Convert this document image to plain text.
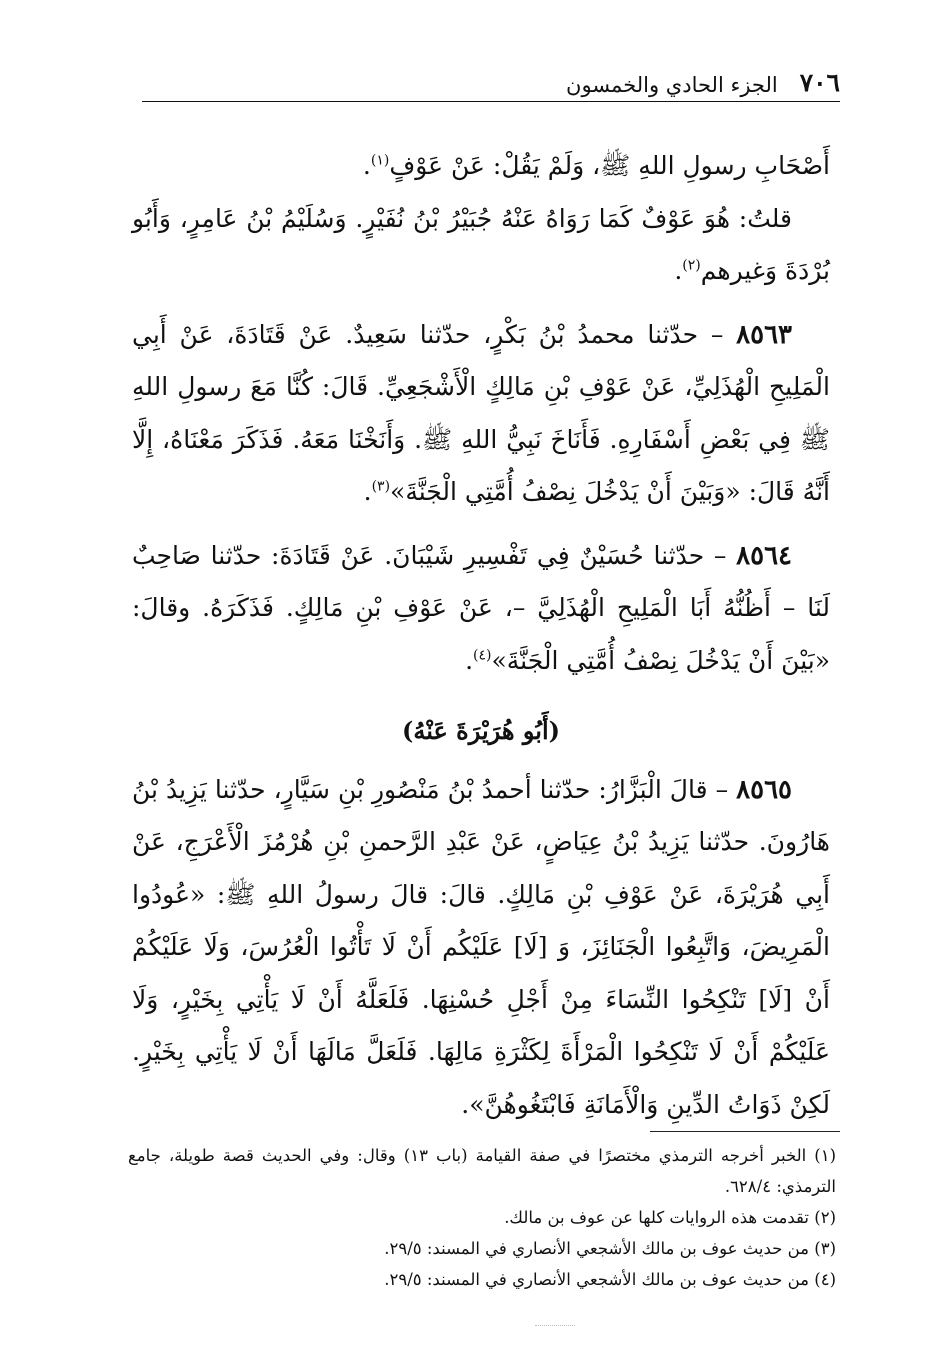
٧٠٦
الجزء الحادي والخمسون

أَصْحَابِ رسولِ اللهِ ﷺ، وَلَمْ يَقُلْ: عَنْ عَوْفٍ$^{(١)}$.

قلتُ: هُوَ عَوْفٌ كَمَا رَوَاهُ عَنْهُ جُبَيْرُ بْنُ نُفَيْرٍ. وَسُلَيْمُ بْنُ عَامِرٍ، وَأَبُو بُرْدَةَ وَغيرهم$^{(٢)}$.

٨٥٦٣ – حدّثنا محمدُ بْنُ بَكْرٍ، حدّثنا سَعِيدٌ. عَنْ قَتَادَةَ، عَنْ أَبِي الْمَلِيحِ الْهُذَلِيِّ، عَنْ عَوْفِ بْنِ مَالِكٍ الْأَشْجَعِيِّ. قَالَ: كُنَّا مَعَ رسولِ اللهِ ﷺ فِي بَعْضِ أَسْفَارِهِ. فَأَنَاخَ نَبِيُّ اللهِ ﷺ. وَأَنَخْنَا مَعَهُ. فَذَكَرَ مَعْنَاهُ، إِلَّا أَنَّهُ قَالَ: «وَبَيْنَ أَنْ يَدْخُلَ نِصْفُ أُمَّتِي الْجَنَّةَ»$^{(٣)}$.

٨٥٦٤ – حدّثنا حُسَيْنٌ فِي تَفْسِيرِ شَيْبَانَ. عَنْ قَتَادَةَ: حدّثنا صَاحِبٌ لَنَا – أَظُنُّهُ أَبَا الْمَلِيحِ الْهُذَلِيَّ –، عَنْ عَوْفِ بْنِ مَالِكٍ. فَذَكَرَهُ. وقالَ: «بَيْنَ أَنْ يَدْخُلَ نِصْفُ أُمَّتِي الْجَنَّةَ»$^{(٤)}$.

(أَبُو هُرَيْرَةَ عَنْهُ)

٨٥٦٥ – قالَ الْبَزَّارُ: حدّثنا أحمدُ بْنُ مَنْصُورِ بْنِ سَيَّارٍ، حدّثنا يَزِيدُ بْنُ هَارُونَ. حدّثنا يَزِيدُ بْنُ عِيَاضٍ، عَنْ عَبْدِ الرَّحمنِ بْنِ هُرْمُزَ الْأَعْرَجِ، عَنْ أَبِي هُرَيْرَةَ، عَنْ عَوْفِ بْنِ مَالِكٍ. قالَ: قالَ رسولُ اللهِ ﷺ: «عُودُوا الْمَرِيضَ، وَاتَّبِعُوا الْجَنَائِزَ، وَ [لَا] عَلَيْكُم أَنْ لَا تَأْتُوا الْعُرُسَ، وَلَا عَلَيْكُمْ أَنْ [لَا] تَنْكِحُوا النِّسَاءَ مِنْ أَجْلِ حُسْنِهَا. فَلَعَلَّهُ أَنْ لَا يَأْتِي بِخَيْرٍ، وَلَا عَلَيْكُمْ أَنْ لَا تَنْكِحُوا الْمَرْأَةَ لِكَثْرَةِ مَالِهَا. فَلَعَلَّ مَالَهَا أَنْ لَا يَأْتِي بِخَيْرٍ. لَكِنْ ذَوَاتُ الدِّينِ وَالْأَمَانَةِ فَابْتَغُوهُنَّ».

(١) الخبر أخرجه الترمذي مختصرًا في صفة القيامة (باب ١٣) وقال: وفي الحديث قصة طويلة، جامع الترمذي: ٦٢٨/٤.

(٢) تقدمت هذه الروايات كلها عن عوف بن مالك.

(٣) من حديث عوف بن مالك الأشجعي الأنصاري في المسند: ٢٩/٥.

(٤) من حديث عوف بن مالك الأشجعي الأنصاري في المسند: ٢٩/٥.
